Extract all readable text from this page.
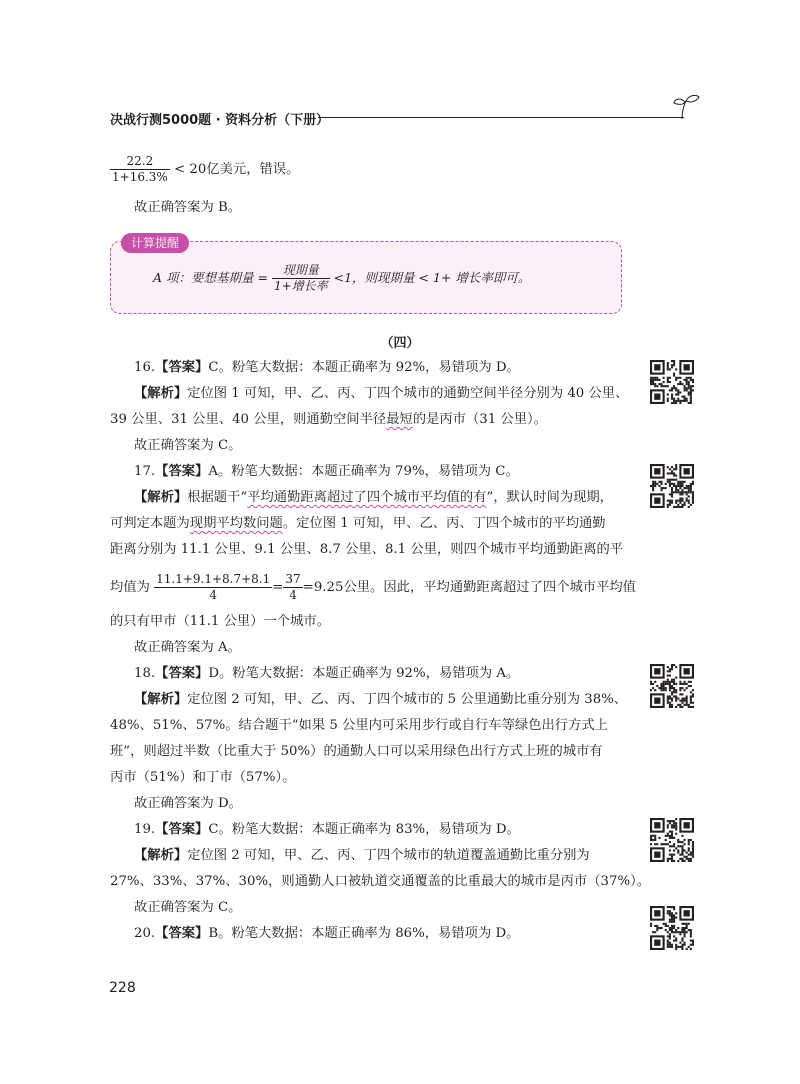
决战行测5000题 · 资料分析（下册）
$\frac{22.2}{1+16.3\%} < 20$亿美元，错误。
故正确答案为 B。
计算提醒
A 项：要想基期量 = $\frac{\text{现期量}}{\text{1+增长率}} <1$，则现期量 < 1+ 增长率即可。
（四）
16.【答案】C。粉笔大数据：本题正确率为 92%，易错项为 D。
【解析】定位图 1 可知，甲、乙、丙、丁四个城市的通勤空间半径分别为 40 公里、
39 公里、31 公里、40 公里，则通勤空间半径最短的是丙市（31 公里）。
故正确答案为 C。
17.【答案】A。粉笔大数据：本题正确率为 79%，易错项为 C。
【解析】根据题干“平均通勤距离超过了四个城市平均值的有”，默认时间为现期，
可判定本题为现期平均数问题。定位图 1 可知，甲、乙、丙、丁四个城市的平均通勤
距离分别为 11.1 公里、9.1 公里、8.7 公里、8.1 公里，则四个城市平均通勤距离的平
均值为 $\frac{11.1+9.1+8.7+8.1}{4} = \frac{37}{4} =9.25$公里。因此，平均通勤距离超过了四个城市平均值
的只有甲市（11.1 公里）一个城市。
故正确答案为 A。
18.【答案】D。粉笔大数据：本题正确率为 92%，易错项为 A。
【解析】定位图 2 可知，甲、乙、丙、丁四个城市的 5 公里通勤比重分别为 38%、
48%、51%、57%。结合题干“如果 5 公里内可采用步行或自行车等绿色出行方式上
班”，则超过半数（比重大于 50%）的通勤人口可以采用绿色出行方式上班的城市有
丙市（51%）和丁市（57%）。
故正确答案为 D。
19.【答案】C。粉笔大数据：本题正确率为 83%，易错项为 D。
【解析】定位图 2 可知，甲、乙、丙、丁四个城市的轨道覆盖通勤比重分别为
27%、33%、37%、30%，则通勤人口被轨道交通覆盖的比重最大的城市是丙市（37%）。
故正确答案为 C。
20.【答案】B。粉笔大数据：本题正确率为 86%，易错项为 D。
228
